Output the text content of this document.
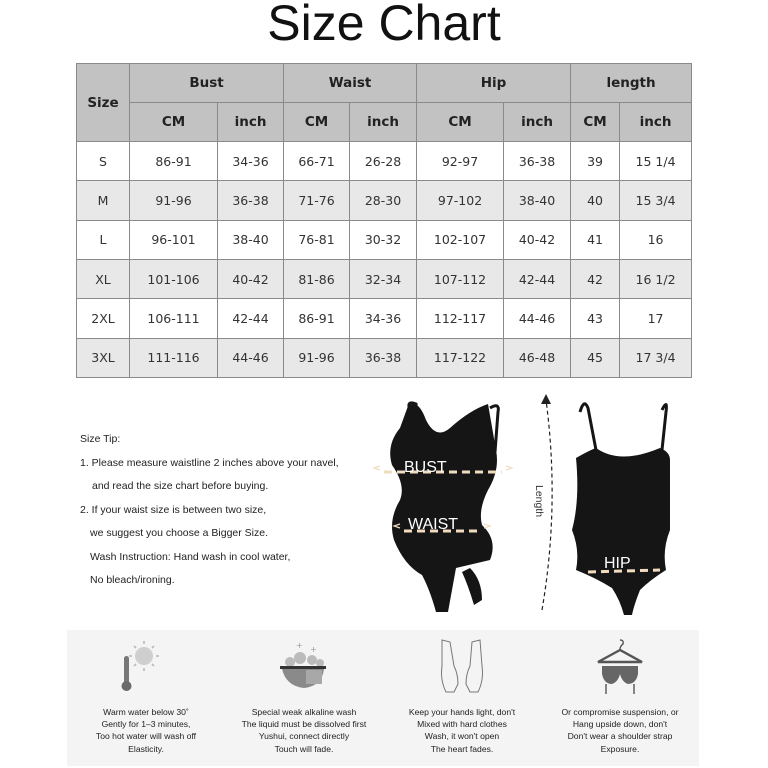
Size Chart
Size	Bust		Waist		Hip		length	
	CM	inch	CM	inch	CM	inch	CM	inch
S	86-91	34-36	66-71	26-28	92-97	36-38	39	15 1/4
M	91-96	36-38	71-76	28-30	97-102	38-40	40	15 3/4
L	96-101	38-40	76-81	30-32	102-107	40-42	41	16
XL	101-106	40-42	81-86	32-34	107-112	42-44	42	16 1/2
2XL	106-111	42-44	86-91	34-36	112-117	44-46	43	17
3XL	111-116	44-46	91-96	36-38	117-122	46-48	45	17 3/4
Size Tip:
1. Please measure waistline 2 inches above your navel,
and read the size chart before buying.
2. If your waist size is between two size,
we suggest you choose a Bigger Size.
Wash Instruction: Hand wash in cool water,
No bleach/ironing.
BUST
WAIST
HIP
Length
Warm water below 30˚
Gently for 1–3 minutes,
Too hot water will wash off
Elasticity.
+ +
Special weak alkaline wash
The liquid must be dissolved first
Yushui, connect directly
Touch will fade.
Keep your hands light, don't
Mixed with hard clothes
Wash, it won't open
The heart fades.
Or compromise suspension, or
Hang upside down, don't
Don't wear a shoulder strap
Exposure.
